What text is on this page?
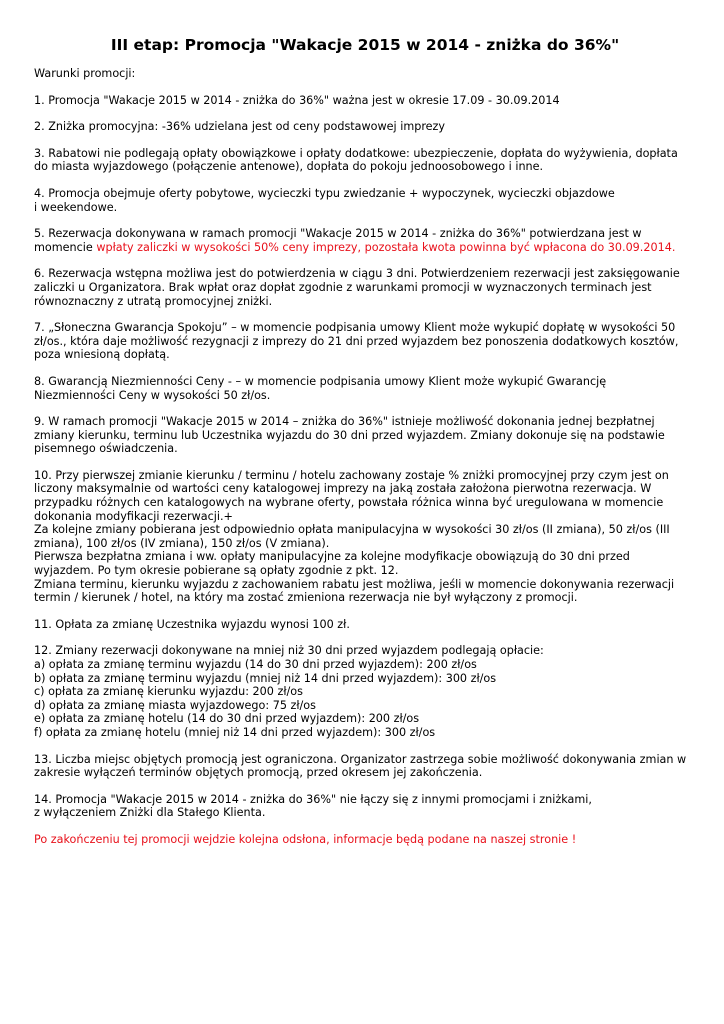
III etap: Promocja "Wakacje 2015 w 2014 - zniżka do 36%"

Warunki promocji:

1. Promocja "Wakacje 2015 w 2014 - zniżka do 36%" ważna jest w okresie 17.09 - 30.09.2014

2. Zniżka promocyjna: -36% udzielana jest od ceny podstawowej imprezy

3. Rabatowi nie podlegają opłaty obowiązkowe i opłaty dodatkowe: ubezpieczenie, dopłata do wyżywienia, dopłata do miasta wyjazdowego (połączenie antenowe), dopłata do pokoju jednoosobowego i inne.

4. Promocja obejmuje oferty pobytowe, wycieczki typu zwiedzanie + wypoczynek, wycieczki objazdowe
i weekendowe.

5. Rezerwacja dokonywana w ramach promocji "Wakacje 2015 w 2014 - zniżka do 36%" potwierdzana jest w momencie wpłaty zaliczki w wysokości 50% ceny imprezy, pozostała kwota powinna być wpłacona do 30.09.2014.

6. Rezerwacja wstępna możliwa jest do potwierdzenia w ciągu 3 dni. Potwierdzeniem rezerwacji jest zaksięgowanie zaliczki u Organizatora. Brak wpłat oraz dopłat zgodnie z warunkami promocji w wyznaczonych terminach jest równoznaczny z utratą promocyjnej zniżki.

7. „Słoneczna Gwarancja Spokoju” – w momencie podpisania umowy Klient może wykupić dopłatę w wysokości 50 zł/os., która daje możliwość rezygnacji z imprezy do 21 dni przed wyjazdem bez ponoszenia dodatkowych kosztów, poza wniesioną dopłatą.

8. Gwarancją Niezmienności Ceny - – w momencie podpisania umowy Klient może wykupić Gwarancję Niezmienności Ceny w wysokości 50 zł/os.

9. W ramach promocji "Wakacje 2015 w 2014 – zniżka do 36%" istnieje możliwość dokonania jednej bezpłatnej zmiany kierunku, terminu lub Uczestnika wyjazdu do 30 dni przed wyjazdem. Zmiany dokonuje się na podstawie pisemnego oświadczenia.

10. Przy pierwszej zmianie kierunku / terminu / hotelu zachowany zostaje % zniżki promocyjnej przy czym jest on liczony maksymalnie od wartości ceny katalogowej imprezy na jaką została założona pierwotna rezerwacja. W przypadku różnych cen katalogowych na wybrane oferty, powstała różnica winna być uregulowana w momencie dokonania modyfikacji rezerwacji.+
Za kolejne zmiany pobierana jest odpowiednio opłata manipulacyjna w wysokości 30 zł/os (II zmiana), 50 zł/os (III zmiana), 100 zł/os (IV zmiana), 150 zł/os (V zmiana).
Pierwsza bezpłatna zmiana i ww. opłaty manipulacyjne za kolejne modyfikacje obowiązują do 30 dni przed wyjazdem. Po tym okresie pobierane są opłaty zgodnie z pkt. 12.
Zmiana terminu, kierunku wyjazdu z zachowaniem rabatu jest możliwa, jeśli w momencie dokonywania rezerwacji termin / kierunek / hotel, na który ma zostać zmieniona rezerwacja nie był wyłączony z promocji.

11. Opłata za zmianę Uczestnika wyjazdu wynosi 100 zł.

12. Zmiany rezerwacji dokonywane na mniej niż 30 dni przed wyjazdem podlegają opłacie:
a) opłata za zmianę terminu wyjazdu (14 do 30 dni przed wyjazdem): 200 zł/os
b) opłata za zmianę terminu wyjazdu (mniej niż 14 dni przed wyjazdem): 300 zł/os
c) opłata za zmianę kierunku wyjazdu: 200 zł/os
d) opłata za zmianę miasta wyjazdowego: 75 zł/os
e) opłata za zmianę hotelu (14 do 30 dni przed wyjazdem): 200 zł/os
f) opłata za zmianę hotelu (mniej niż 14 dni przed wyjazdem): 300 zł/os

13. Liczba miejsc objętych promocją jest ograniczona. Organizator zastrzega sobie możliwość dokonywania zmian w zakresie wyłączeń terminów objętych promocją, przed okresem jej zakończenia.

14. Promocja "Wakacje 2015 w 2014 - zniżka do 36%" nie łączy się z innymi promocjami i zniżkami,
z wyłączeniem Zniżki dla Stałego Klienta.

Po zakończeniu tej promocji wejdzie kolejna odsłona, informacje będą podane na naszej stronie !
